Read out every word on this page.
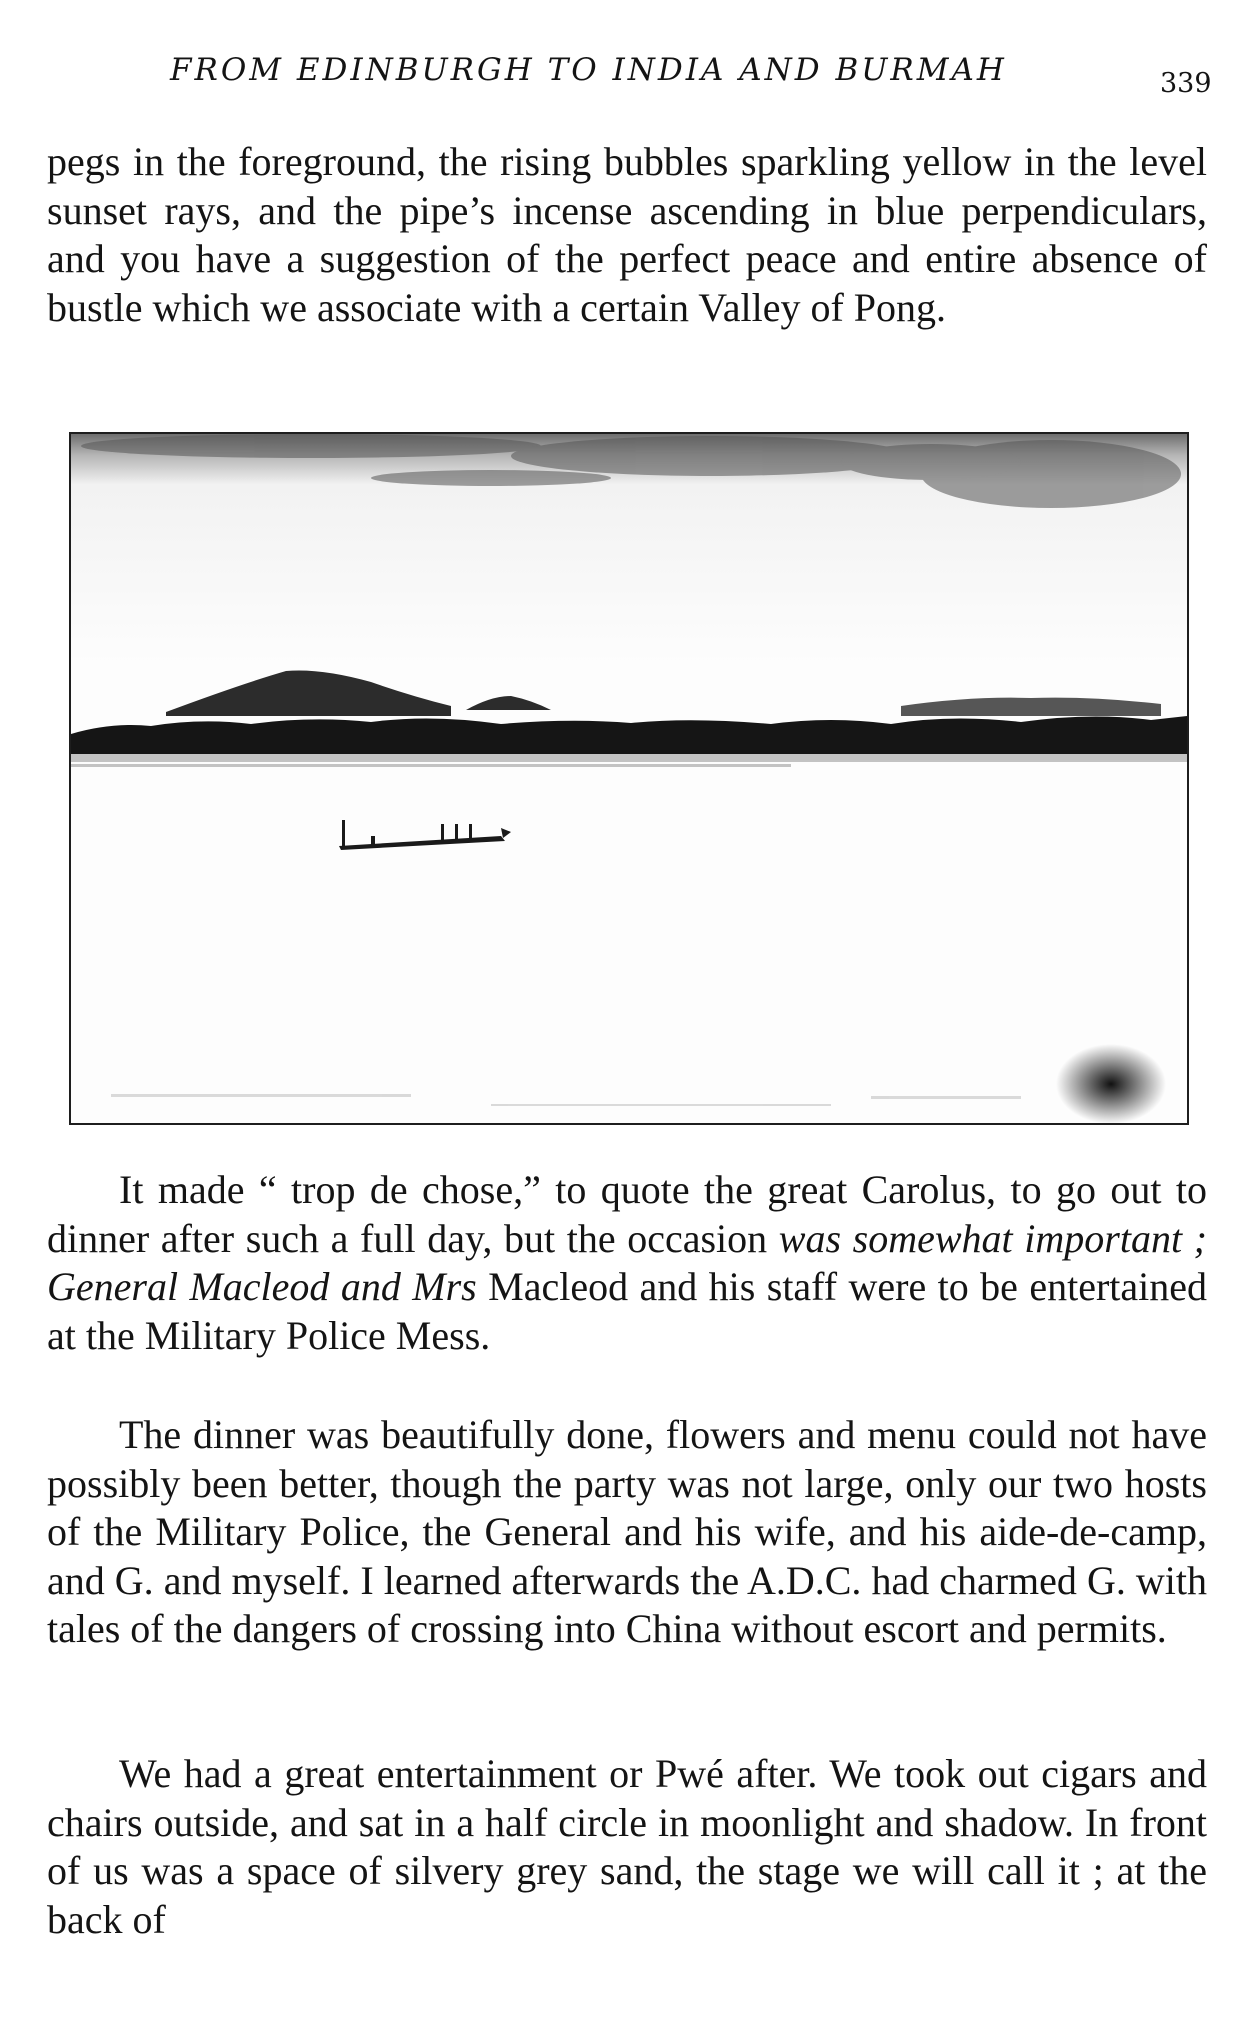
FROM EDINBURGH TO INDIA AND BURMAH	339

pegs in the foreground, the rising bubbles sparkling yellow in the level sunset rays, and the pipe’s incense ascending in blue perpendiculars, and you have a suggestion of the perfect peace and entire absence of bustle which we associate with a certain Valley of Pong.

It made “ trop de chose,” to quote the great Carolus, to go out to dinner after such a full day, but the occasion was somewhat important ; General Macleod and Mrs Macleod and his staff were to be entertained at the Military Police Mess.

The dinner was beautifully done, flowers and menu could not have possibly been better, though the party was not large, only our two hosts of the Military Police, the General and his wife, and his aide-de-camp, and G. and myself. I learned afterwards the A.D.C. had charmed G. with tales of the dangers of crossing into China without escort and permits.

We had a great entertainment or Pwé after. We took out cigars and chairs outside, and sat in a half circle in moonlight and shadow. In front of us was a space of silvery grey sand, the stage we will call it ; at the back of
